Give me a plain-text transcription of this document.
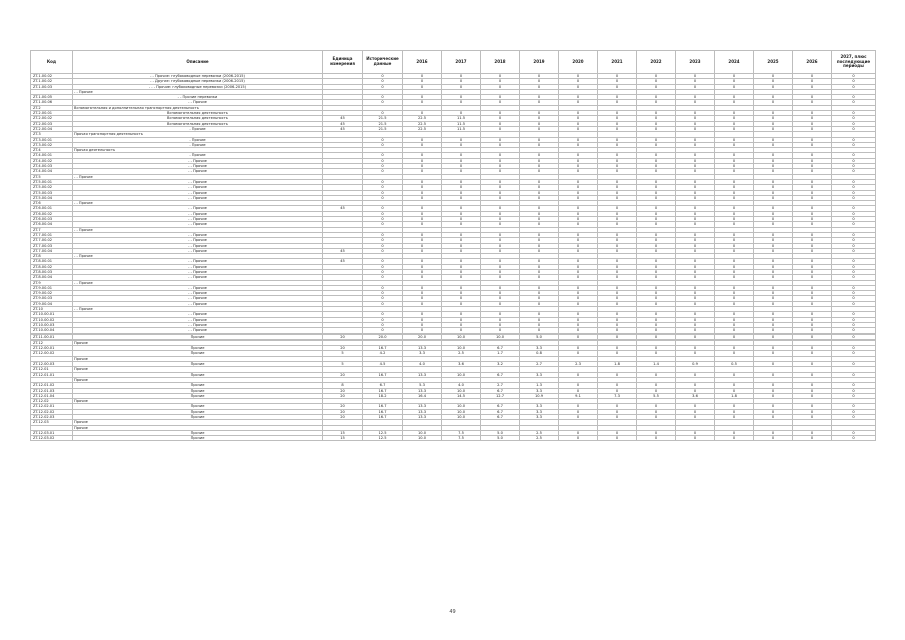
Код	Описание	Единица измерения	Исторические данные	2016	2017	2018	2019	2020	2021	2022	2023	2024	2025	2026	2027, плюс последующие периоды
ZT.1.00.02	- - Прочие: глубоководные перевозки (2006-2015)		0	0	0	0	0	0	0	0	0	0	0	0	0
ZT.1.00.02	- - Другие: глубоководные перевозки (2006-2015)		0	0	0	0	0	0	0	0	0	0	0	0	0
ZT.1.00.03	- - - Прочие: глубоководные перевозки (2006-2015)		0	0	0	0	0	0	0	0	0	0	0	0	0
	- - Прочие														
ZT.1.00.05	- - Прочие перевозки		0	0	0	0	0	0	0	0	0	0	0	0	0
ZT.1.00.06	- - Прочие		0	0	0	0	0	0	0	0	0	0	0	0	0
ZT.2	Вспомогательная и дополнительная транспортная деятельность														
ZT.2.00.01	Вспомогательная деятельность		0	0	0	0	0	0	0	0	0	0	0	0	0
ZT.2.00.02	Вспомогательная деятельность	45	21.5	22.5	11.5	0	0	0	0	0	0	0	0	0	0
ZT.2.00.03	Вспомогательная деятельность	45	21.5	22.5	11.5	0	0	0	0	0	0	0	0	0	0
ZT.2.00.04	- Прочие	45	21.5	22.5	11.5	0	0	0	0	0	0	0	0	0	0
ZT.3	Прочая транспортная деятельность														
ZT.3.00.01	- Прочие		0	0	0	0	0	0	0	0	0	0	0	0	0
ZT.3.00.02	- Прочие		0	0	0	0	0	0	0	0	0	0	0	0	0
ZT.4	Прочая деятельность														
ZT.4.00.01	- Прочие		0	0	0	0	0	0	0	0	0	0	0	0	0
ZT.4.00.02	- - Прочие		0	0	0	0	0	0	0	0	0	0	0	0	0
ZT.4.00.03	- - Прочие		0	0	0	0	0	0	0	0	0	0	0	0	0
ZT.4.00.04	- - Прочие		0	0	0	0	0	0	0	0	0	0	0	0	0
ZT.5	- - Прочие														
ZT.5.00.01	- - Прочие		0	0	0	0	0	0	0	0	0	0	0	0	0
ZT.5.00.02	- - Прочие		0	0	0	0	0	0	0	0	0	0	0	0	0
ZT.5.00.03	- - Прочие		0	0	0	0	0	0	0	0	0	0	0	0	0
ZT.5.00.04	- - Прочие		0	0	0	0	0	0	0	0	0	0	0	0	0
ZT.6	- - Прочие														
ZT.6.00.01	- - Прочие	45	0	0	0	0	0	0	0	0	0	0	0	0	0
ZT.6.00.02	- - Прочие		0	0	0	0	0	0	0	0	0	0	0	0	0
ZT.6.00.03	- - Прочие		0	0	0	0	0	0	0	0	0	0	0	0	0
ZT.6.00.04	- - Прочие		0	0	0	0	0	0	0	0	0	0	0	0	0
ZT.7	- - Прочие														
ZT.7.00.01	- - Прочие		0	0	0	0	0	0	0	0	0	0	0	0	0
ZT.7.00.02	- - Прочие		0	0	0	0	0	0	0	0	0	0	0	0	0
ZT.7.00.03	- - Прочие		0	0	0	0	0	0	0	0	0	0	0	0	0
ZT.7.00.04	- - Прочие	45	0	0	0	0	0	0	0	0	0	0	0	0	0
ZT.8	- - Прочие														
ZT.8.00.01	- - Прочие	45	0	0	0	0	0	0	0	0	0	0	0	0	0
ZT.8.00.02	- - Прочие		0	0	0	0	0	0	0	0	0	0	0	0	0
ZT.8.00.03	- - Прочие		0	0	0	0	0	0	0	0	0	0	0	0	0
ZT.8.00.04	- - Прочие		0	0	0	0	0	0	0	0	0	0	0	0	0
ZT.9	- - Прочие														
ZT.9.00.01	- - Прочие		0	0	0	0	0	0	0	0	0	0	0	0	0
ZT.9.00.02	- - Прочие		0	0	0	0	0	0	0	0	0	0	0	0	0
ZT.9.00.03	- - Прочие		0	0	0	0	0	0	0	0	0	0	0	0	0
ZT.9.00.04	- - Прочие		0	0	0	0	0	0	0	0	0	0	0	0	0
ZT.10	- - Прочие														
ZT.10.00.01	- - Прочие		0	0	0	0	0	0	0	0	0	0	0	0	0
ZT.10.00.02	- - Прочие		0	0	0	0	0	0	0	0	0	0	0	0	0
ZT.10.00.03	- - Прочие		0	0	0	0	0	0	0	0	0	0	0	0	0
ZT.10.00.04	- - Прочие		0	0	0	0	0	0	0	0	0	0	0	0	0

ZT.11.00.01	Прочие	20	20.0	20.0	10.0	10.0	5.0	0	0	0	0	0	0	0	0

ZT.12	Прочие														
ZT.12.00.01	Прочие	20	16.7	13.3	10.0	6.7	3.3	0	0	0	0	0	0	0	0
ZT.12.00.02	Прочие	5	4.2	3.3	2.5	1.7	0.8	0	0	0	0	0	0	0	0
	Прочие														
ZT.12.00.03	Прочие	5	4.5	4.0	3.6	3.2	2.7	2.3	1.8	1.4	0.9	0.5	0	0	0
ZT.12.01	Прочие														
ZT.12.01.01	Прочие	20	16.7	13.3	10.0	6.7	3.3	0	0	0	0	0	0	0	0
	Прочие														
ZT.12.01.02	Прочие	8	6.7	5.3	4.0	2.7	1.3	0	0	0	0	0	0	0	0
ZT.12.01.03	Прочие	20	16.7	13.3	10.0	6.7	3.3	0	0	0	0	0	0	0	0
ZT.12.01.04	Прочие	20	18.2	16.4	14.5	12.7	10.9	9.1	7.3	5.5	3.6	1.8	0	0	0
ZT.12.02	Прочие														
ZT.12.02.01	Прочие	20	16.7	13.3	10.0	6.7	3.3	0	0	0	0	0	0	0	0
ZT.12.02.02	Прочие	20	16.7	13.3	10.0	6.7	3.3	0	0	0	0	0	0	0	0
ZT.12.02.03	Прочие	20	16.7	13.3	10.0	6.7	3.3	0	0	0	0	0	0	0	0
ZT.12.03	Прочие														
	Прочие														
ZT.12.03.01	Прочие	15	12.5	10.0	7.5	5.0	2.5	0	0	0	0	0	0	0	0
ZT.12.03.02	Прочие	15	12.5	10.0	7.5	5.0	2.5	0	0	0	0	0	0	0	0
49
